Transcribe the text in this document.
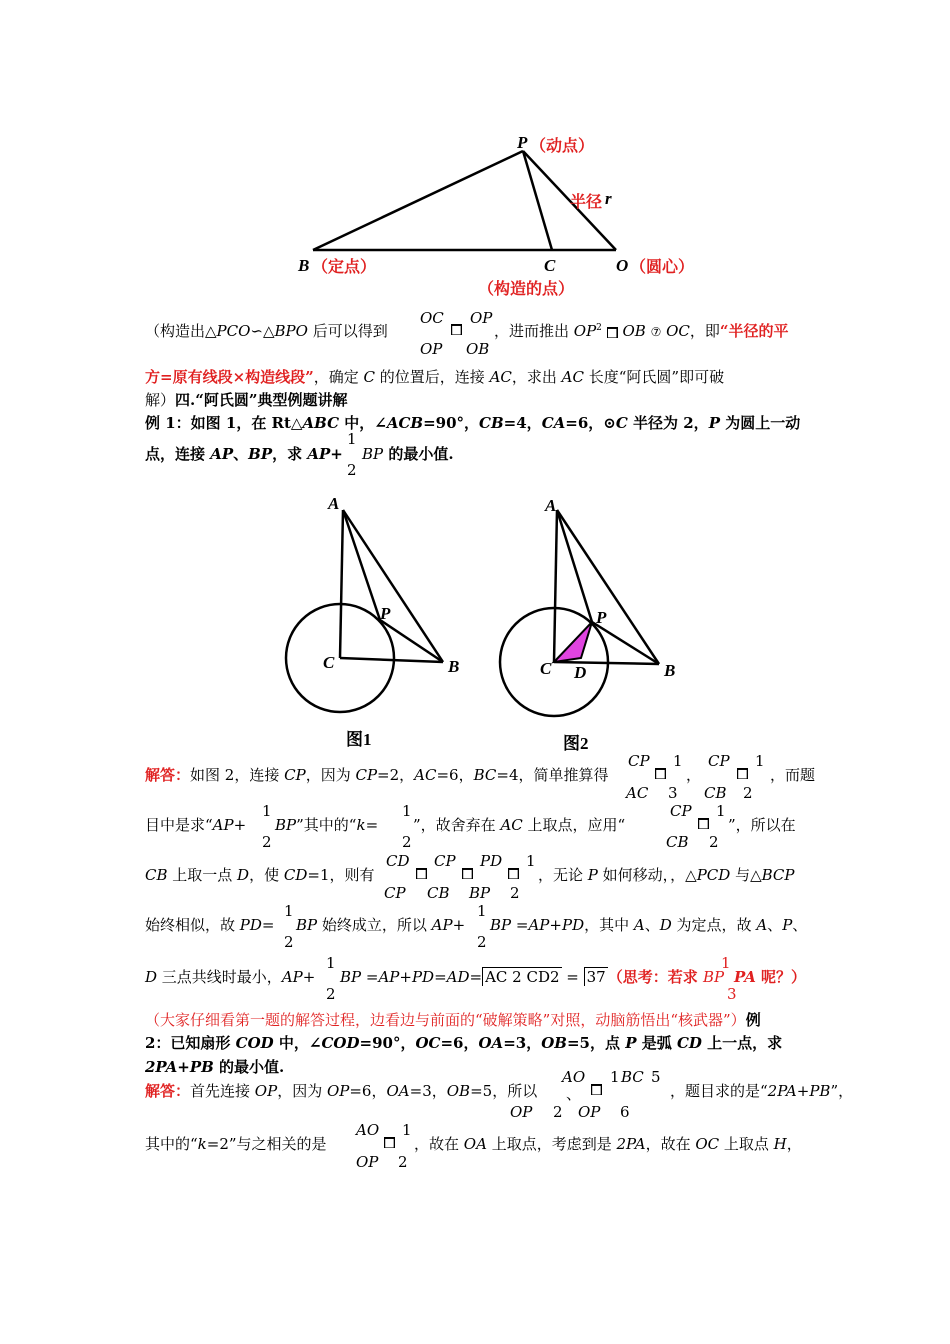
P （动点）
半径 r
B （定点）	C
（构造的点）
O （圆心）
（构造出△PCO∽△BPO 后可以得到
OC
OP
■
OP
OB
，进而推出 $OP^2$ ■ OB ⑦ OC，即“半径的平
方=原有线段×构造线段”，确定 C 的位置后，连接 AC，求出 AC 长度“阿氏圆”即可破
解）四.“阿氏圆”典型例题讲解
例 1：如图 1，在 Rt△ABC 中，∠ACB=90°，CB=4，CA=6，⊙C 半径为 2，P 为圆上一动
点，连接 AP、BP，求 AP+
1
2
BP 的最小值.
A
P
C	B
图1
A
P
C D	B
图2
解答：如图 2，连接 CP，因为 CP=2，AC=6，BC=4，简单推算得
CP
AC
■
1
3
，
CP
CB
■
1
2
，而题
目中是求“AP+
1
2
BP”其中的“k=
1
2
”，故舍弃在 AC 上取点，应用“
CP
CB
■
1
2
”，所以在
CB 上取一点 D，使 CD=1，则有
CD
CP
■
CP
CB
■
PD
BP
■
1
2
，无论 P 如何移动，，△PCD 与△BCP
始终相似，故 PD=
1
2
BP 始终成立，所以 AP+
1
2
BP =AP+PD，其中 A、D 为定点，故 A、P、
D 三点共线时最小，AP+
1
2
BP =AP+PD=AD= AC 2 CD2 = 37 （思考：若求 BP
1
3
PA 呢？）
（大家仔细看第一题的解答过程，边看边与前面的“破解策略”对照，动脑筋悟出“核武器”）例
2：已知扇形 COD 中，∠COD=90°，OC=6，OA=3，OB=5，点 P 是弧 CD 上一点，求
2PA+PB 的最小值.
解答：首先连接 OP，因为 OP=6，OA=3，OB=5，所以
AO
OP
、 ■
1
2
BC
OP
5
6
，题目求的是“2PA+PB”，
其中的“k=2”与之相关的是
AO
OP
■
1
2
，故在 OA 上取点，考虑到是 2PA，故在 OC 上取点 H，
